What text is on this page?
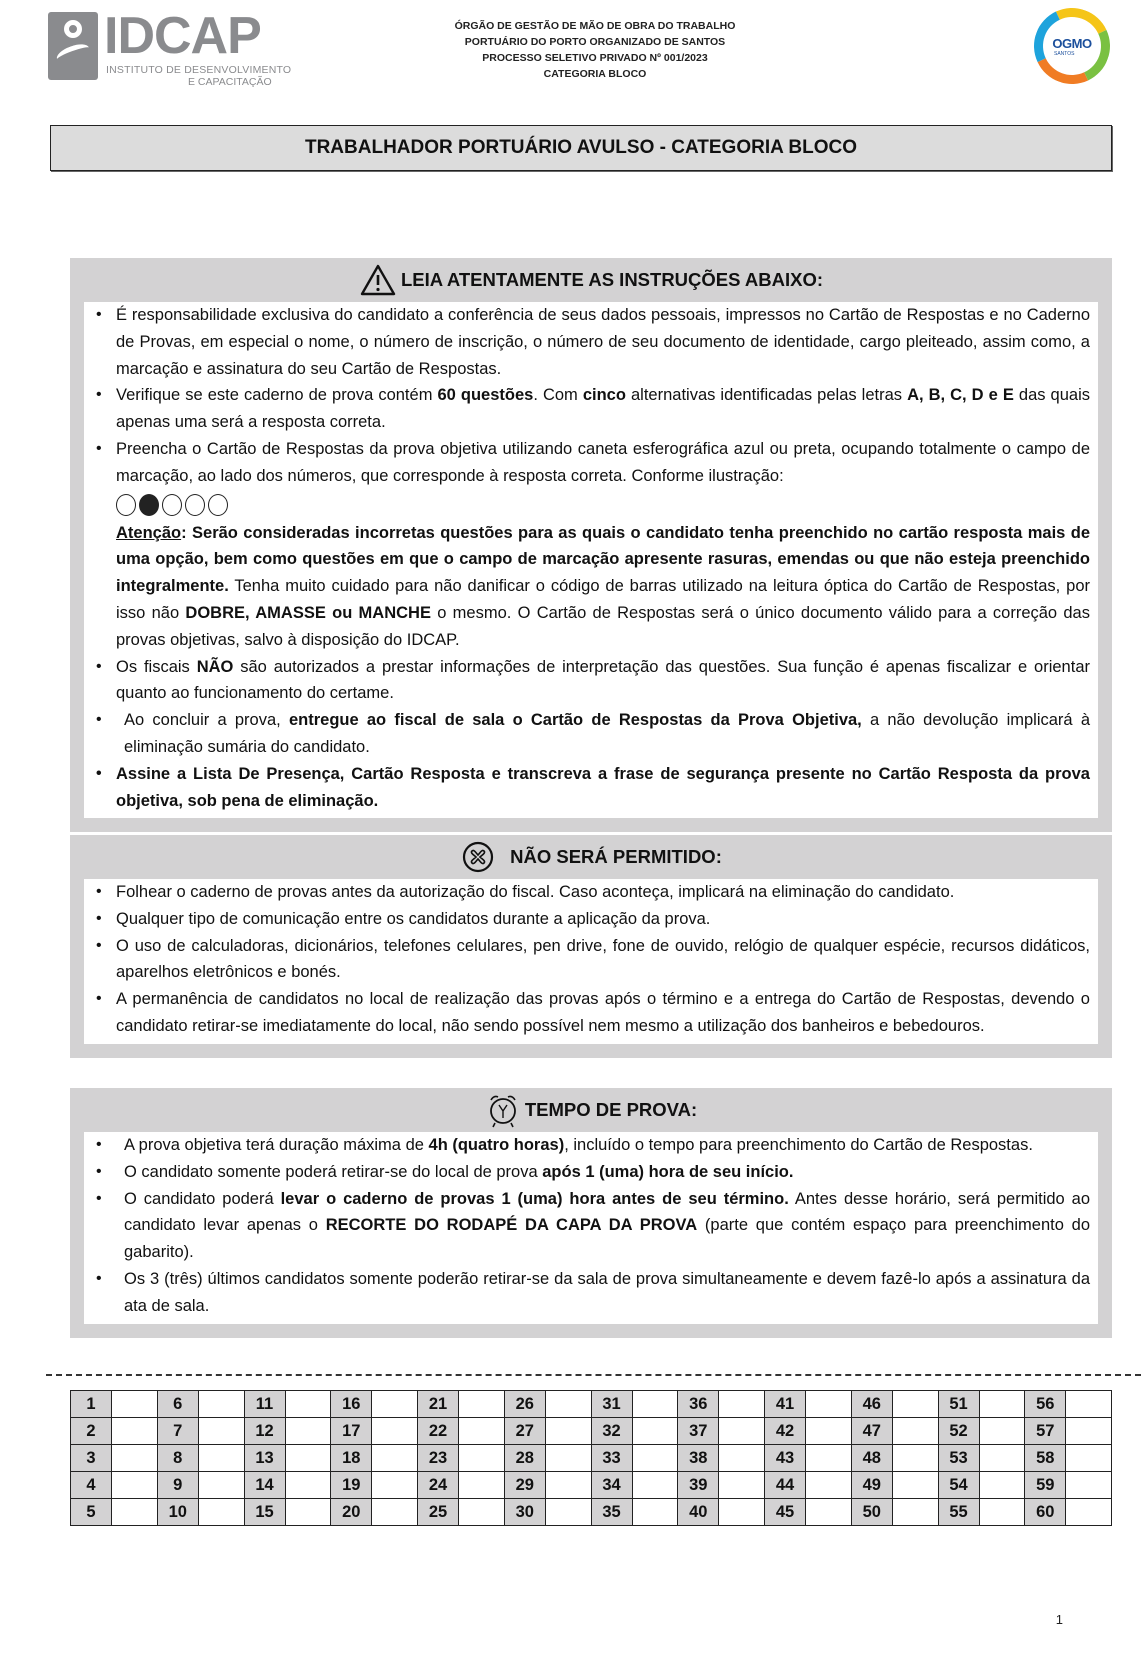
IDCAP
INSTITUTO DE DESENVOLVIMENTO
E CAPACITAÇÃO
ÓRGÃO DE GESTÃO DE MÃO DE OBRA DO TRABALHO
PORTUÁRIO DO PORTO ORGANIZADO DE SANTOS
PROCESSO SELETIVO PRIVADO Nº 001/2023
CATEGORIA BLOCO
OGMO
SANTOS
TRABALHADOR PORTUÁRIO AVULSO - CATEGORIA BLOCO
LEIA ATENTAMENTE AS INSTRUÇÕES ABAIXO:
• É responsabilidade exclusiva do candidato a conferência de seus dados pessoais, impressos no Cartão de Respostas e no Caderno de Provas, em especial o nome, o número de inscrição, o número de seu documento de identidade, cargo pleiteado, assim como, a marcação e assinatura do seu Cartão de Respostas.
• Verifique se este caderno de prova contém 60 questões. Com cinco alternativas identificadas pelas letras A, B, C, D e E das quais apenas uma será a resposta correta.
• Preencha o Cartão de Respostas da prova objetiva utilizando caneta esferográfica azul ou preta, ocupando totalmente o campo de marcação, ao lado dos números, que corresponde à resposta correta. Conforme ilustração:
Atenção: Serão consideradas incorretas questões para as quais o candidato tenha preenchido no cartão resposta mais de uma opção, bem como questões em que o campo de marcação apresente rasuras, emendas ou que não esteja preenchido integralmente. Tenha muito cuidado para não danificar o código de barras utilizado na leitura óptica do Cartão de Respostas, por isso não DOBRE, AMASSE ou MANCHE o mesmo. O Cartão de Respostas será o único documento válido para a correção das provas objetivas, salvo à disposição do IDCAP.
• Os fiscais NÃO são autorizados a prestar informações de interpretação das questões. Sua função é apenas fiscalizar e orientar quanto ao funcionamento do certame.
• Ao concluir a prova, entregue ao fiscal de sala o Cartão de Respostas da Prova Objetiva, a não devolução implicará à eliminação sumária do candidato.
• Assine a Lista De Presença, Cartão Resposta e transcreva a frase de segurança presente no Cartão Resposta da prova objetiva, sob pena de eliminação.
NÃO SERÁ PERMITIDO:
• Folhear o caderno de provas antes da autorização do fiscal. Caso aconteça, implicará na eliminação do candidato.
• Qualquer tipo de comunicação entre os candidatos durante a aplicação da prova.
• O uso de calculadoras, dicionários, telefones celulares, pen drive, fone de ouvido, relógio de qualquer espécie, recursos didáticos, aparelhos eletrônicos e bonés.
• A permanência de candidatos no local de realização das provas após o término e a entrega do Cartão de Respostas, devendo o candidato retirar-se imediatamente do local, não sendo possível nem mesmo a utilização dos banheiros e bebedouros.
TEMPO DE PROVA:
• A prova objetiva terá duração máxima de 4h (quatro horas), incluído o tempo para preenchimento do Cartão de Respostas.
• O candidato somente poderá retirar-se do local de prova após 1 (uma) hora de seu início.
• O candidato poderá levar o caderno de provas 1 (uma) hora antes de seu término. Antes desse horário, será permitido ao candidato levar apenas o RECORTE DO RODAPÉ DA CAPA DA PROVA (parte que contém espaço para preenchimento do gabarito).
• Os 3 (três) últimos candidatos somente poderão retirar-se da sala de prova simultaneamente e devem fazê-lo após a assinatura da ata de sala.
1		6		11		16		21		26		31		36		41		46		51		56	
2		7		12		17		22		27		32		37		42		47		52		57	
3		8		13		18		23		28		33		38		43		48		53		58	
4		9		14		19		24		29		34		39		44		49		54		59	
5		10		15		20		25		30		35		40		45		50		55		60	
1
